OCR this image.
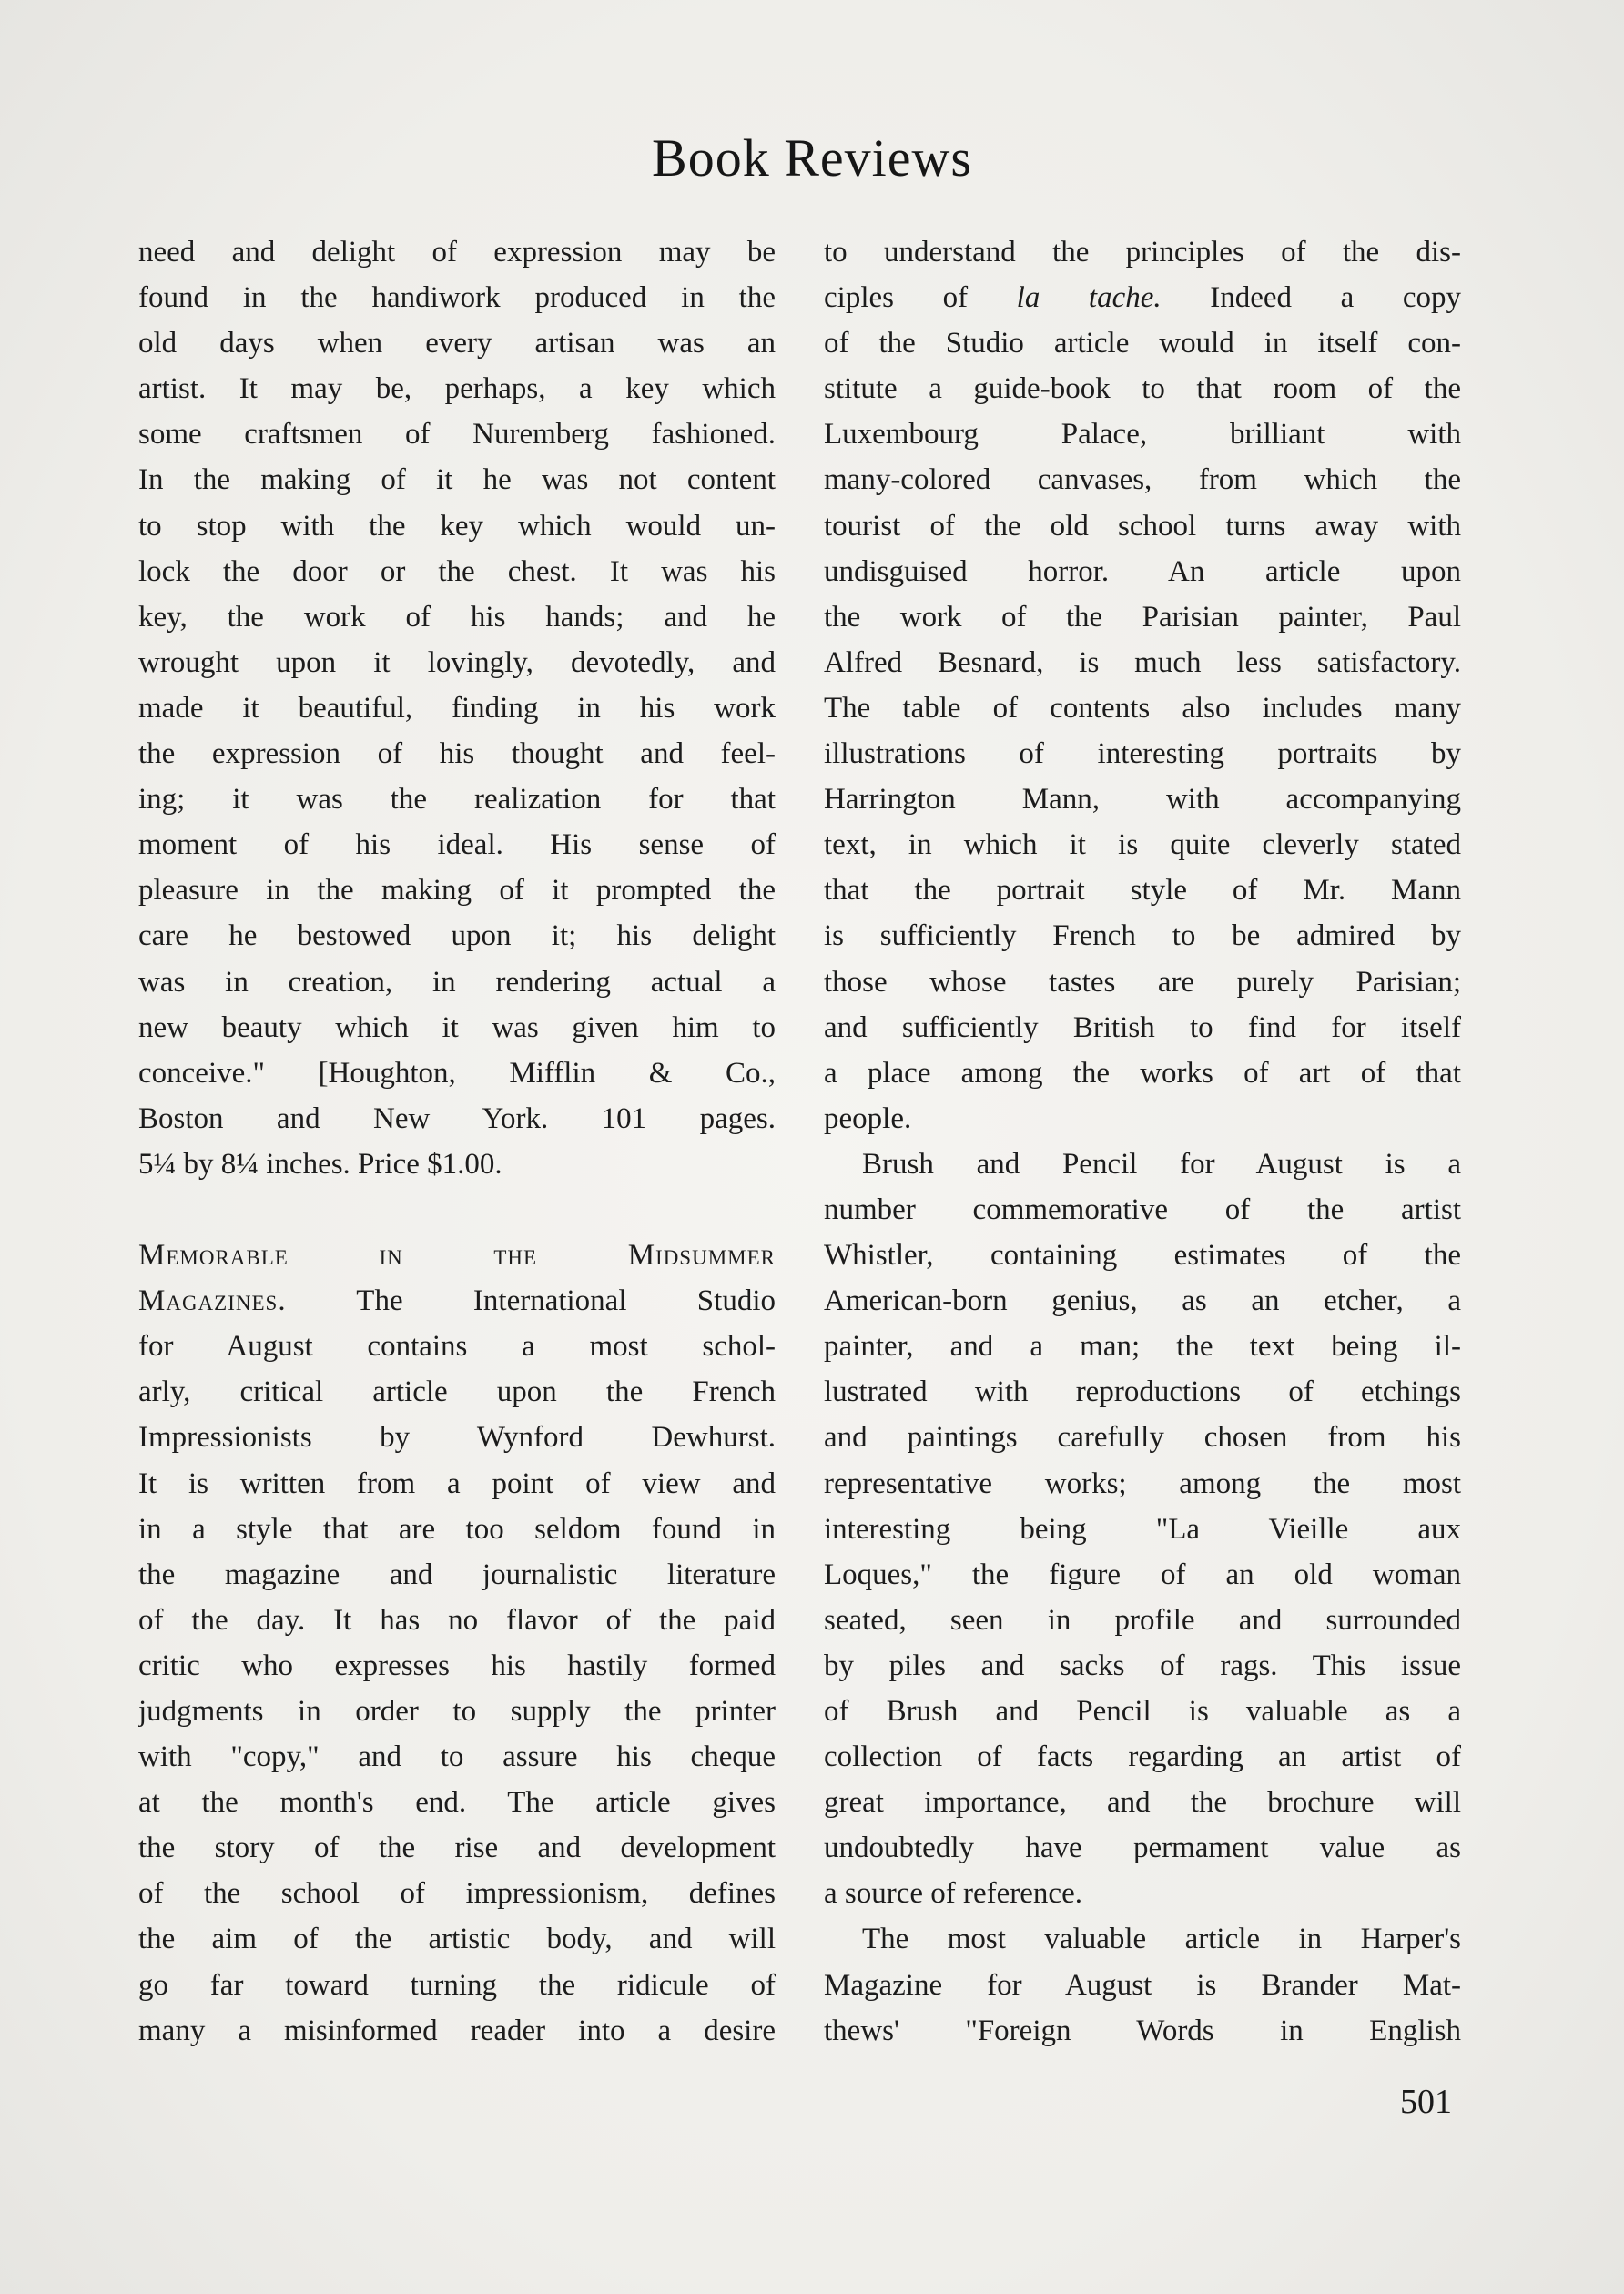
Book Reviews
need and delight of expression may be
found in the handiwork produced in the
old days when every artisan was an
artist. It may be, perhaps, a key which
some craftsmen of Nuremberg fashioned.
In the making of it he was not content
to stop with the key which would un-
lock the door or the chest. It was his
key, the work of his hands; and he
wrought upon it lovingly, devotedly, and
made it beautiful, finding in his work
the expression of his thought and feel-
ing; it was the realization for that
moment of his ideal. His sense of
pleasure in the making of it prompted the
care he bestowed upon it; his delight
was in creation, in rendering actual a
new beauty which it was given him to
conceive." [Houghton, Mifflin & Co.,
Boston and New York. 101 pages.
5¼ by 8¼ inches. Price $1.00.
Memorable in the Midsummer
Magazines. The International Studio
for August contains a most schol-
arly, critical article upon the French
Impressionists by Wynford Dewhurst.
It is written from a point of view and
in a style that are too seldom found in
the magazine and journalistic literature
of the day. It has no flavor of the paid
critic who expresses his hastily formed
judgments in order to supply the printer
with "copy," and to assure his cheque
at the month's end. The article gives
the story of the rise and development
of the school of impressionism, defines
the aim of the artistic body, and will
go far toward turning the ridicule of
many a misinformed reader into a desire
to understand the principles of the dis-
ciples of la tache. Indeed a copy
of the Studio article would in itself con-
stitute a guide-book to that room of the
Luxembourg Palace, brilliant with
many-colored canvases, from which the
tourist of the old school turns away with
undisguised horror. An article upon
the work of the Parisian painter, Paul
Alfred Besnard, is much less satisfactory.
The table of contents also includes many
illustrations of interesting portraits by
Harrington Mann, with accompanying
text, in which it is quite cleverly stated
that the portrait style of Mr. Mann
is sufficiently French to be admired by
those whose tastes are purely Parisian;
and sufficiently British to find for itself
a place among the works of art of that
people.
Brush and Pencil for August is a
number commemorative of the artist
Whistler, containing estimates of the
American-born genius, as an etcher, a
painter, and a man; the text being il-
lustrated with reproductions of etchings
and paintings carefully chosen from his
representative works; among the most
interesting being "La Vieille aux
Loques," the figure of an old woman
seated, seen in profile and surrounded
by piles and sacks of rags. This issue
of Brush and Pencil is valuable as a
collection of facts regarding an artist of
great importance, and the brochure will
undoubtedly have permament value as
a source of reference.
The most valuable article in Harper's
Magazine for August is Brander Mat-
thews' "Foreign Words in English
501
